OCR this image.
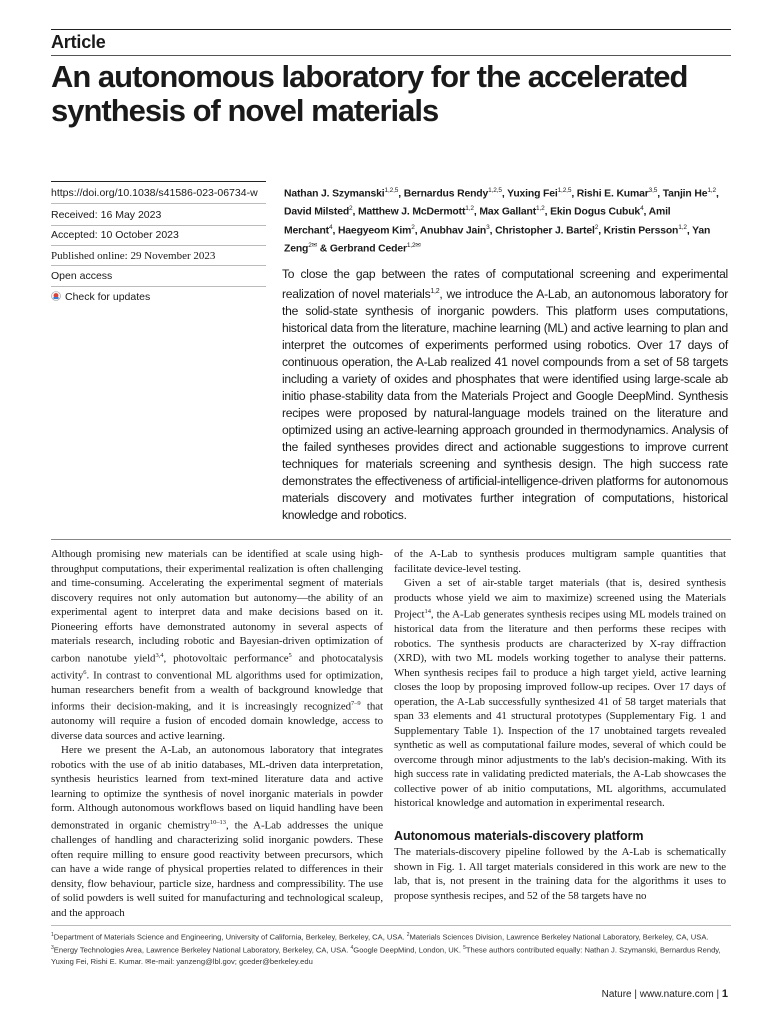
Article
An autonomous laboratory for the accelerated synthesis of novel materials
https://doi.org/10.1038/s41586-023-06734-w
Received: 16 May 2023
Accepted: 10 October 2023
Published online: 29 November 2023
Open access
Check for updates
Nathan J. Szymanski$^{1,2,5}$, Bernardus Rendy$^{1,2,5}$, Yuxing Fei$^{1,2,5}$, Rishi E. Kumar$^{3,5}$, Tanjin He$^{1,2}$, David Milsted$^2$, Matthew J. McDermott$^{1,2}$, Max Gallant$^{1,2}$, Ekin Dogus Cubuk$^4$, Amil Merchant$^4$, Haegyeom Kim$^2$, Anubhav Jain$^3$, Christopher J. Bartel$^2$, Kristin Persson$^{1,2}$, Yan Zeng$^{2✉}$ & Gerbrand Ceder$^{1,2✉}$
To close the gap between the rates of computational screening and experimental realization of novel materials$^{1,2}$, we introduce the A-Lab, an autonomous laboratory for the solid-state synthesis of inorganic powders. This platform uses computations, historical data from the literature, machine learning (ML) and active learning to plan and interpret the outcomes of experiments performed using robotics. Over 17 days of continuous operation, the A-Lab realized 41 novel compounds from a set of 58 targets including a variety of oxides and phosphates that were identified using large-scale ab initio phase-stability data from the Materials Project and Google DeepMind. Synthesis recipes were proposed by natural-language models trained on the literature and optimized using an active-learning approach grounded in thermodynamics. Analysis of the failed syntheses provides direct and actionable suggestions to improve current techniques for materials screening and synthesis design. The high success rate demonstrates the effectiveness of artificial-intelligence-driven platforms for autonomous materials discovery and motivates further integration of computations, historical knowledge and robotics.

Although promising new materials can be identified at scale using high-throughput computations, their experimental realization is often challenging and time-consuming. Accelerating the experimental segment of materials discovery requires not only automation but autonomy—the ability of an experimental agent to interpret data and make decisions based on it. Pioneering efforts have demonstrated autonomy in several aspects of materials research, including robotic and Bayesian-driven optimization of carbon nanotube yield$^{3,4}$, photovoltaic performance$^5$ and photocatalysis activity$^6$. In contrast to conventional ML algorithms used for optimization, human researchers benefit from a wealth of background knowledge that informs their decision-making, and it is increasingly recognized$^{7-9}$ that autonomy will require a fusion of encoded domain knowledge, access to diverse data sources and active learning.

Here we present the A-Lab, an autonomous laboratory that integrates robotics with the use of ab initio databases, ML-driven data interpretation, synthesis heuristics learned from text-mined literature data and active learning to optimize the synthesis of novel inorganic materials in powder form. Although autonomous workflows based on liquid handling have been demonstrated in organic chemistry$^{10-13}$, the A-Lab addresses the unique challenges of handling and characterizing solid inorganic powders. These often require milling to ensure good reactivity between precursors, which can have a wide range of physical properties related to differences in their density, flow behaviour, particle size, hardness and compressibility. The use of solid powders is well suited for manufacturing and technological scaleup, and the approach

of the A-Lab to synthesis produces multigram sample quantities that facilitate device-level testing.

Given a set of air-stable target materials (that is, desired synthesis products whose yield we aim to maximize) screened using the Materials Project$^{14}$, the A-Lab generates synthesis recipes using ML models trained on historical data from the literature and then performs these recipes with robotics. The synthesis products are characterized by X-ray diffraction (XRD), with two ML models working together to analyse their patterns. When synthesis recipes fail to produce a high target yield, active learning closes the loop by proposing improved follow-up recipes. Over 17 days of operation, the A-Lab successfully synthesized 41 of 58 target materials that span 33 elements and 41 structural prototypes (Supplementary Fig. 1 and Supplementary Table 1). Inspection of the 17 unobtained targets revealed synthetic as well as computational failure modes, several of which could be overcome through minor adjustments to the lab's decision-making. With its high success rate in validating predicted materials, the A-Lab showcases the collective power of ab initio computations, ML algorithms, accumulated historical knowledge and automation in experimental research.

Autonomous materials-discovery platform

The materials-discovery pipeline followed by the A-Lab is schematically shown in Fig. 1. All target materials considered in this work are new to the lab, that is, not present in the training data for the algorithms it uses to propose synthesis recipes, and 52 of the 58 targets have no

$^1$Department of Materials Science and Engineering, University of California, Berkeley, Berkeley, CA, USA. $^2$Materials Sciences Division, Lawrence Berkeley National Laboratory, Berkeley, CA, USA. $^3$Energy Technologies Area, Lawrence Berkeley National Laboratory, Berkeley, CA, USA. $^4$Google DeepMind, London, UK. $^5$These authors contributed equally: Nathan J. Szymanski, Bernardus Rendy, Yuxing Fei, Rishi E. Kumar. ✉e-mail: yanzeng@lbl.gov; gceder@berkeley.edu
Nature | www.nature.com | 1
